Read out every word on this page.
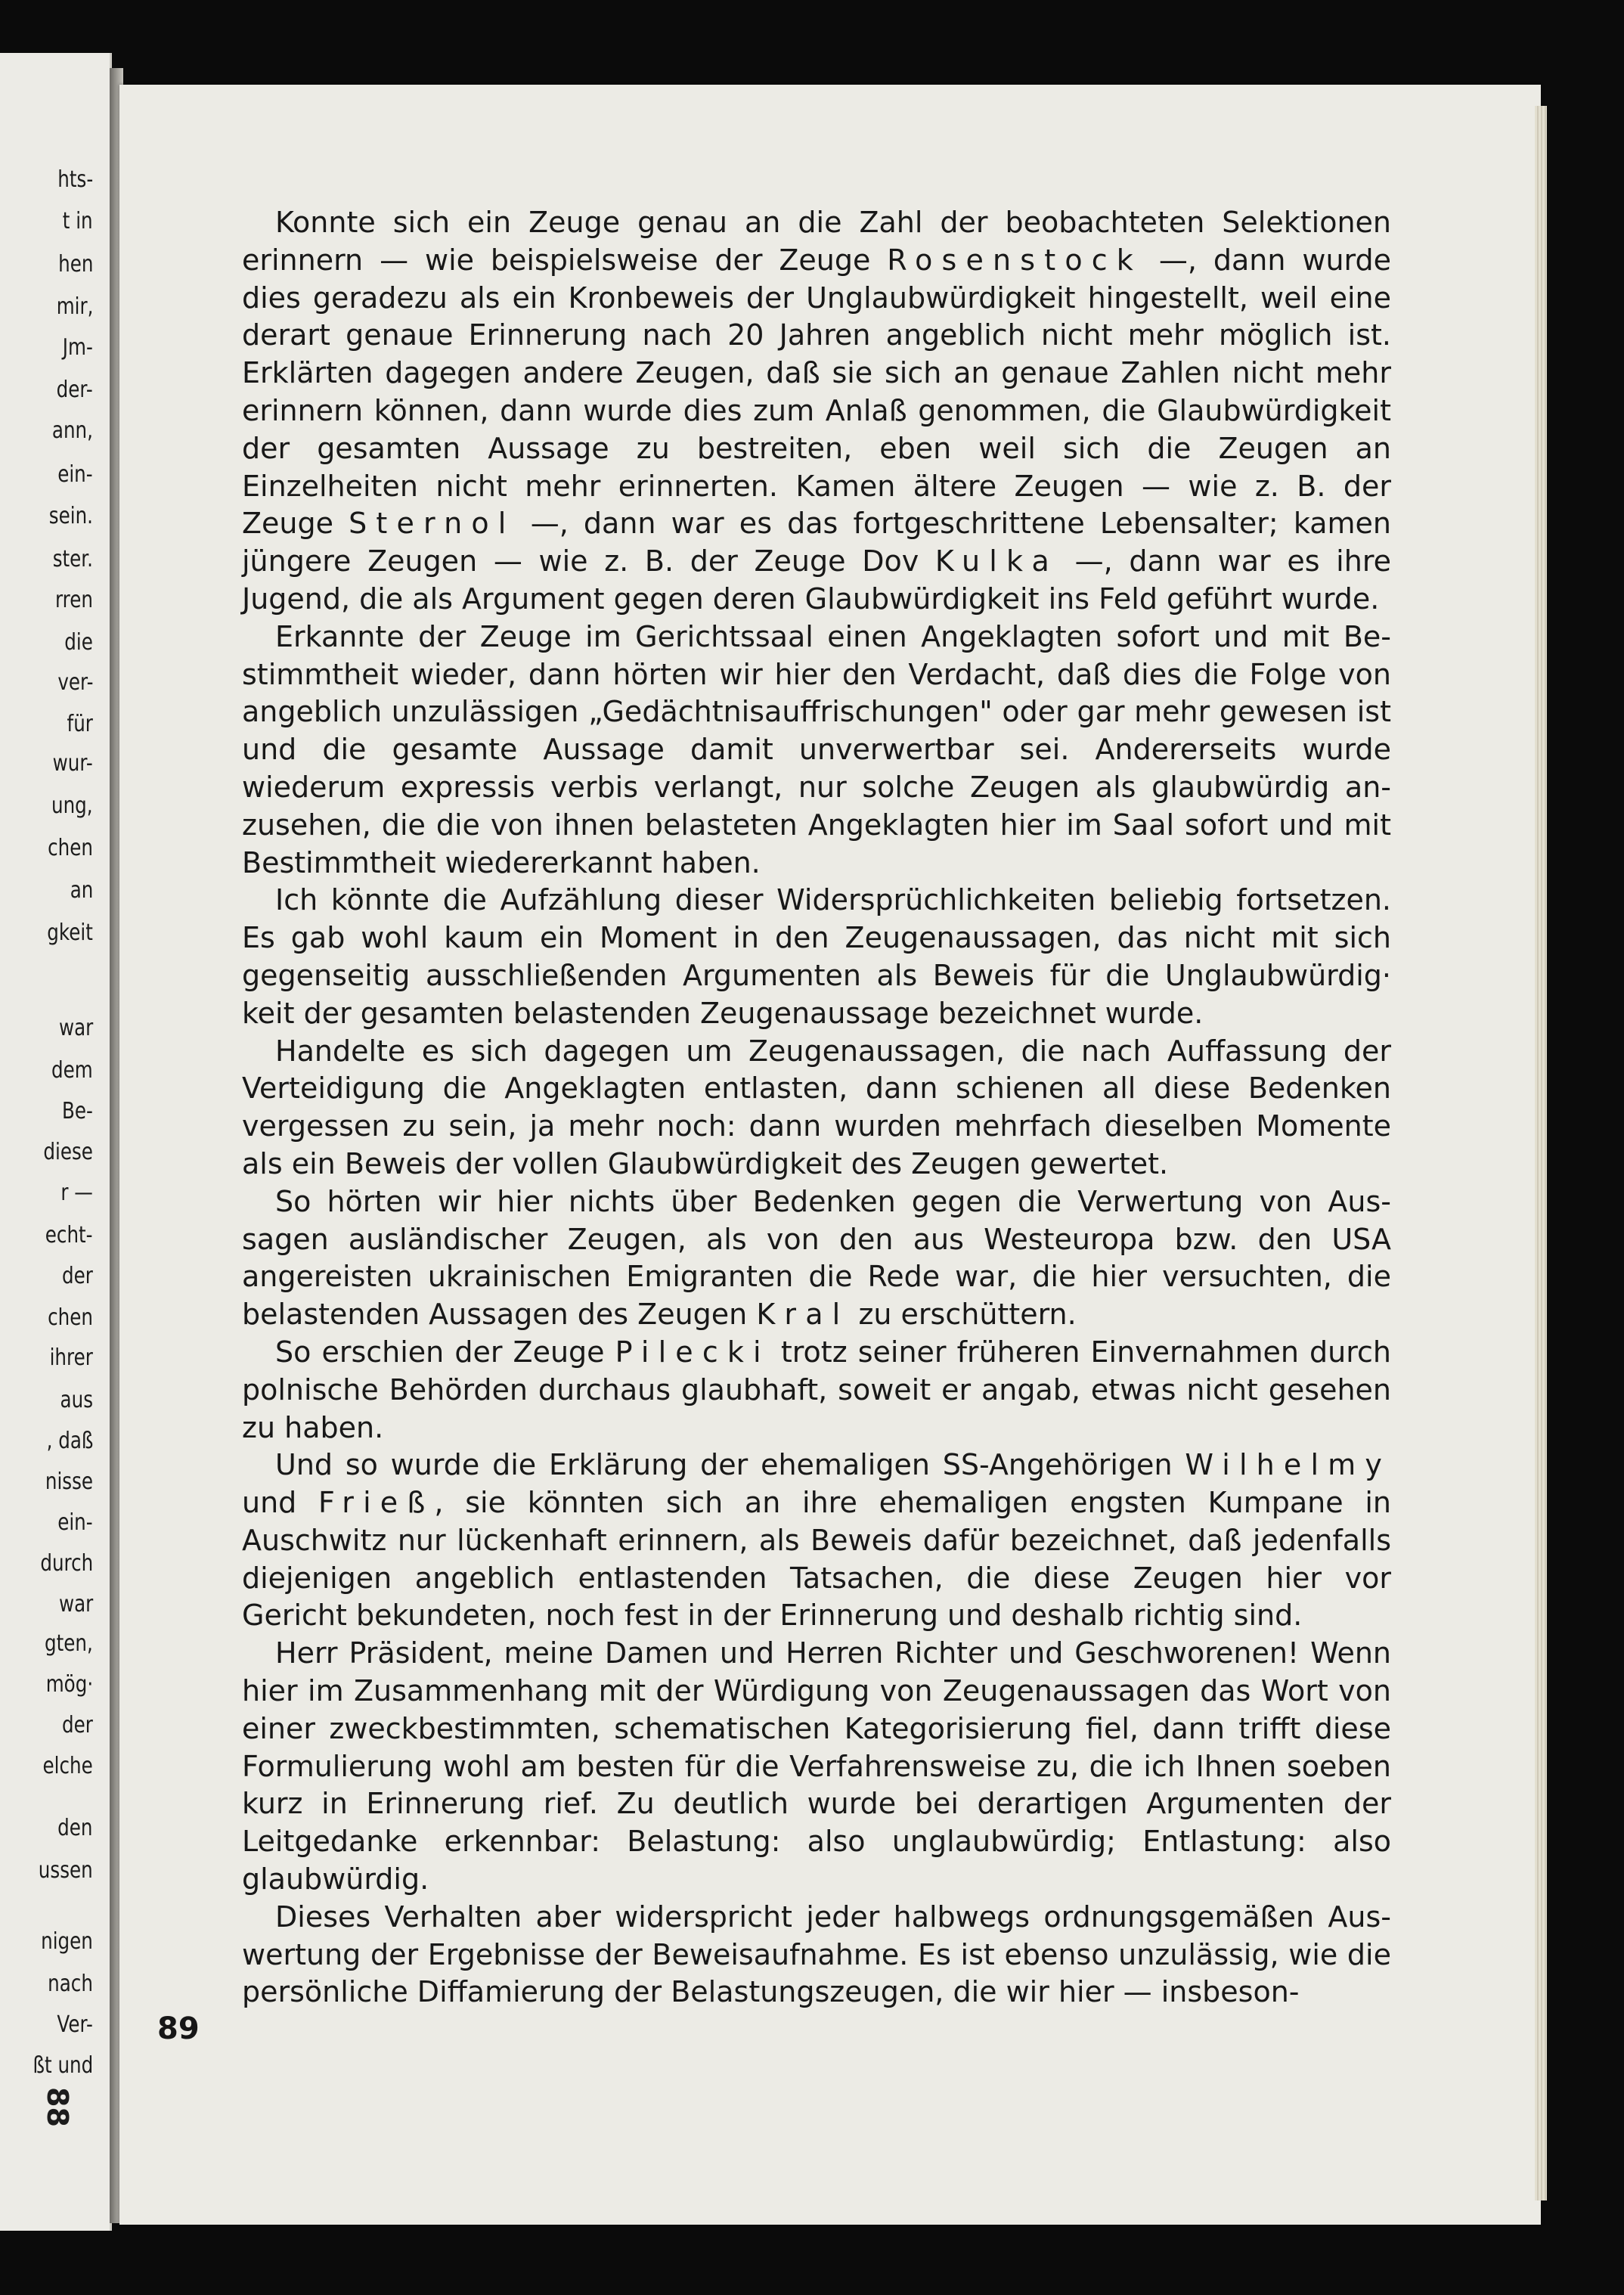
hts-
t in
hen
mir,
Jm-
der-
ann,
ein-
sein.
ster.
rren
die
ver-
für
wur-
ung,
chen
an
gkeit
war
dem
Be-
diese
r —
echt-
der
chen
ihrer
aus
, daß
nisse
ein-
durch
war
gten,
mög·
der
elche
den
ussen
nigen
nach
Ver-
ßt und
88

Konnte sich ein Zeuge genau an die Zahl der beobachteten Selektionen erinnern — wie beispielsweise der Zeuge Rosenstock —, dann wurde dies geradezu als ein Kronbeweis der Unglaubwürdigkeit hingestellt, weil eine derart genaue Erinnerung nach 20 Jahren angeblich nicht mehr möglich ist. Erklärten dagegen andere Zeugen, daß sie sich an genaue Zahlen nicht mehr erinnern können, dann wurde dies zum Anlaß genommen, die Glaubwürdigkeit der gesamten Aussage zu bestreiten, eben weil sich die Zeugen an Einzelheiten nicht mehr erinnerten. Kamen ältere Zeugen — wie z. B. der Zeuge Sternol —, dann war es das fortgeschrittene Lebensalter; kamen jüngere Zeugen — wie z. B. der Zeuge Dov Kulka —, dann war es ihre Jugend, die als Argument gegen deren Glaubwürdigkeit ins Feld geführt wurde.

Erkannte der Zeuge im Gerichtssaal einen Angeklagten sofort und mit Bestimmtheit wieder, dann hörten wir hier den Verdacht, daß dies die Folge von angeblich unzulässigen „Gedächtnisauffrischungen" oder gar mehr gewesen ist und die gesamte Aussage damit unverwertbar sei. Andererseits wurde wiederum expressis verbis verlangt, nur solche Zeugen als glaubwürdig anzusehen, die die von ihnen belasteten Angeklagten hier im Saal sofort und mit Bestimmtheit wiedererkannt haben.

Ich könnte die Aufzählung dieser Widersprüchlichkeiten beliebig fortsetzen. Es gab wohl kaum ein Moment in den Zeugenaussagen, das nicht mit sich gegenseitig ausschließenden Argumenten als Beweis für die Unglaubwürdig· keit der gesamten belastenden Zeugenaussage bezeichnet wurde.

Handelte es sich dagegen um Zeugenaussagen, die nach Auffassung der Verteidigung die Angeklagten entlasten, dann schienen all diese Bedenken vergessen zu sein, ja mehr noch: dann wurden mehrfach dieselben Momente als ein Beweis der vollen Glaubwürdigkeit des Zeugen gewertet.

So hörten wir hier nichts über Bedenken gegen die Verwertung von Aussagen ausländischer Zeugen, als von den aus Westeuropa bzw. den USA angereisten ukrainischen Emigranten die Rede war, die hier versuchten, die belastenden Aussagen des Zeugen Kral zu erschüttern.

So erschien der Zeuge Pilecki trotz seiner früheren Einvernahmen durch polnische Behörden durchaus glaubhaft, soweit er angab, etwas nicht gesehen zu haben.

Und so wurde die Erklärung der ehemaligen SS-Angehörigen Wilhelmy und Frieß, sie könnten sich an ihre ehemaligen engsten Kumpane in Auschwitz nur lückenhaft erinnern, als Beweis dafür bezeichnet, daß jedenfalls diejenigen angeblich entlastenden Tatsachen, die diese Zeugen hier vor Gericht bekundeten, noch fest in der Erinnerung und deshalb richtig sind.

Herr Präsident, meine Damen und Herren Richter und Geschworenen! Wenn hier im Zusammenhang mit der Würdigung von Zeugenaussagen das Wort von einer zweckbestimmten, schematischen Kategorisierung fiel, dann trifft diese Formulierung wohl am besten für die Verfahrensweise zu, die ich Ihnen soeben kurz in Erinnerung rief. Zu deutlich wurde bei derartigen Argumenten der Leitgedanke erkennbar: Belastung: also unglaubwürdig; Entlastung: also glaubwürdig.

Dieses Verhalten aber widerspricht jeder halbwegs ordnungsgemäßen Auswertung der Ergebnisse der Beweisaufnahme. Es ist ebenso unzulässig, wie die persönliche Diffamierung der Belastungszeugen, die wir hier — insbeson-

89
